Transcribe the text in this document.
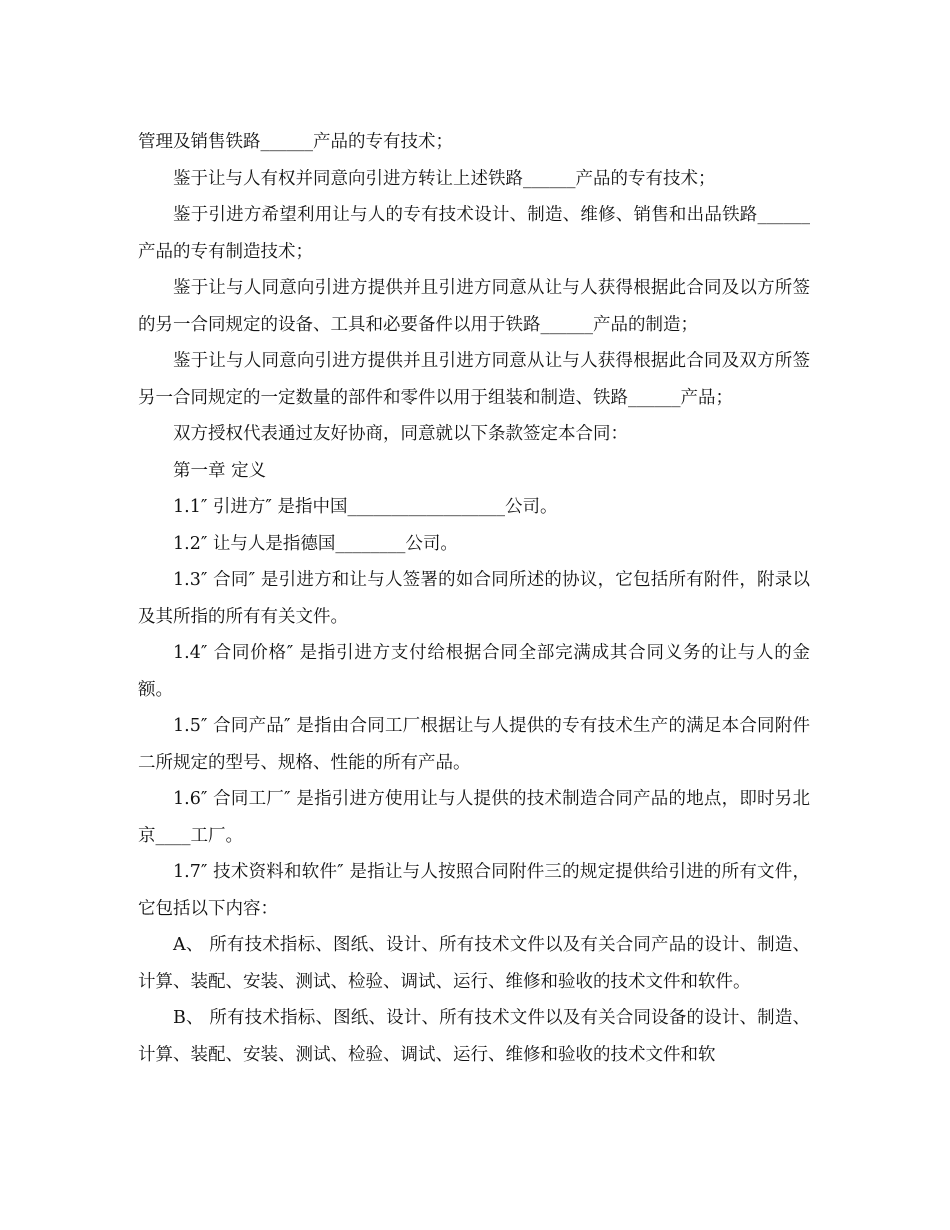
管理及销售铁路______产品的专有技术；

鉴于让与人有权并同意向引进方转让上述铁路______产品的专有技术；

鉴于引进方希望利用让与人的专有技术设计、制造、维修、销售和出品铁路______产品的专有制造技术；

鉴于让与人同意向引进方提供并且引进方同意从让与人获得根据此合同及以方所签的另一合同规定的设备、工具和必要备件以用于铁路______产品的制造；

鉴于让与人同意向引进方提供并且引进方同意从让与人获得根据此合同及双方所签另一合同规定的一定数量的部件和零件以用于组装和制造、铁路______产品；

双方授权代表通过友好协商，同意就以下条款签定本合同：

第一章 定义

1.1″ 引进方″ 是指中国__________________公司。

1.2″ 让与人是指德国________公司。

1.3″ 合同″ 是引进方和让与人签署的如合同所述的协议，它包括所有附件，附录以及其所指的所有有关文件。

1.4″ 合同价格″ 是指引进方支付给根据合同全部完满成其合同义务的让与人的金额。

1.5″ 合同产品″ 是指由合同工厂根据让与人提供的专有技术生产的满足本合同附件二所规定的型号、规格、性能的所有产品。

1.6″ 合同工厂″ 是指引进方使用让与人提供的技术制造合同产品的地点，即时另北京____工厂。

1.7″ 技术资料和软件″ 是指让与人按照合同附件三的规定提供给引进的所有文件，它包括以下内容：

A、 所有技术指标、图纸、设计、所有技术文件以及有关合同产品的设计、制造、计算、装配、安装、测试、检验、调试、运行、维修和验收的技术文件和软件。

B、 所有技术指标、图纸、设计、所有技术文件以及有关合同设备的设计、制造、计算、装配、安装、测试、检验、调试、运行、维修和验收的技术文件和软
